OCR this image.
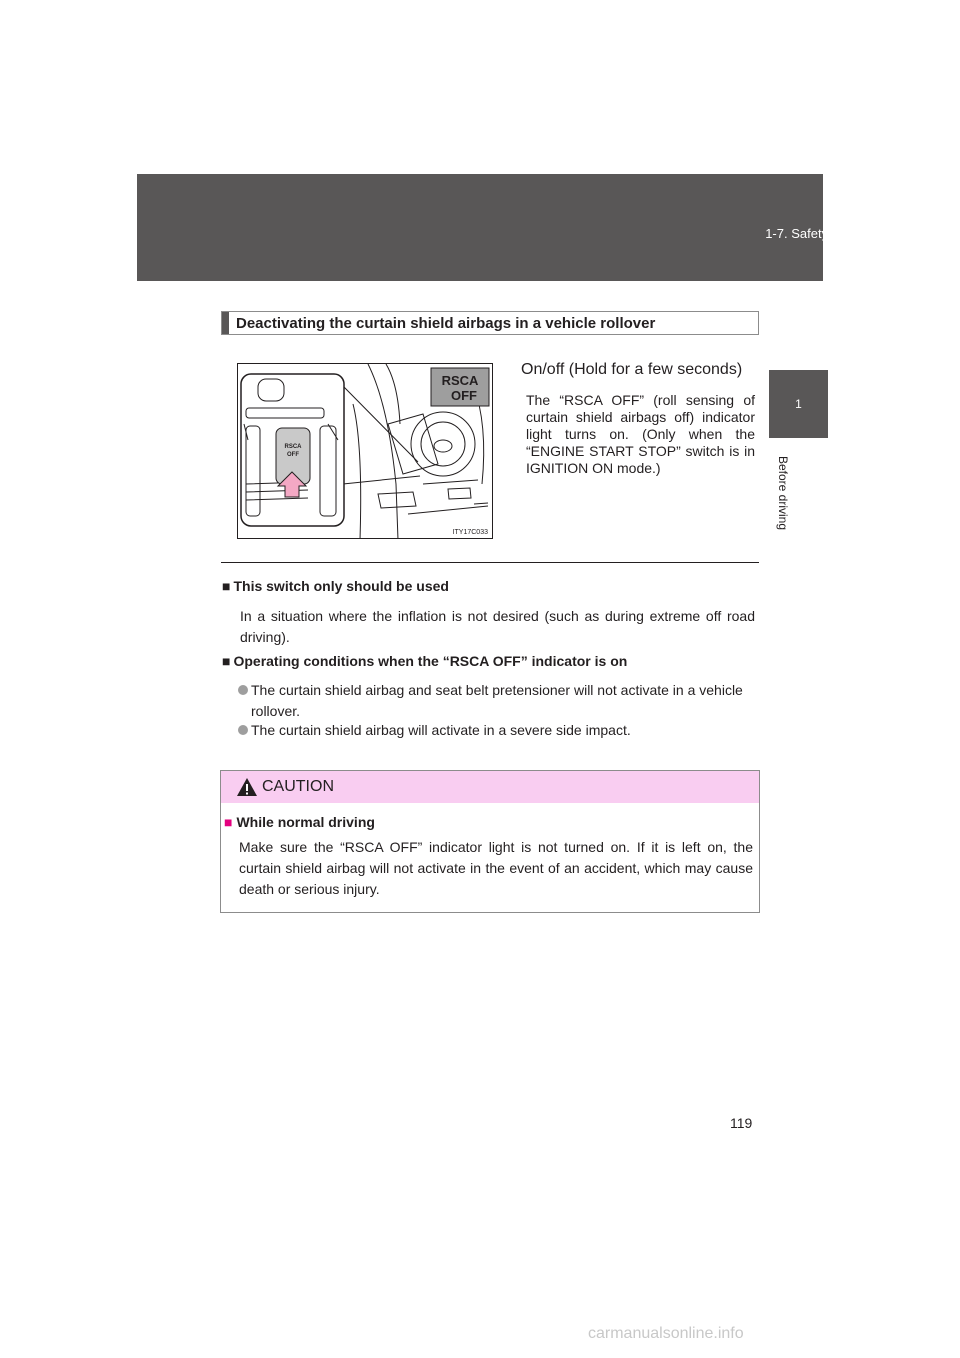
1-7. Safety information
1
Before driving
Deactivating the curtain shield airbags in a vehicle rollover
RSCA
OFF
RSCA
OFF
ITY17C033
On/off (Hold for a few seconds)

The “RSCA OFF” (roll sensing of curtain shield airbags off) indicator light turns on. (Only when the “ENGINE START STOP” switch is in IGNITION ON mode.)

■ This switch only should be used

In a situation where the inflation is not desired (such as during extreme off road driving).

■ Operating conditions when the “RSCA OFF” indicator is on
The curtain shield airbag and seat belt pretensioner will not activate in a vehicle rollover.
The curtain shield airbag will activate in a severe side impact.
CAUTION
■ While normal driving

Make sure the “RSCA OFF” indicator light is not turned on. If it is left on, the curtain shield airbag will not activate in the event of an accident, which may cause death or serious injury.

119
carmanualsonline.info
